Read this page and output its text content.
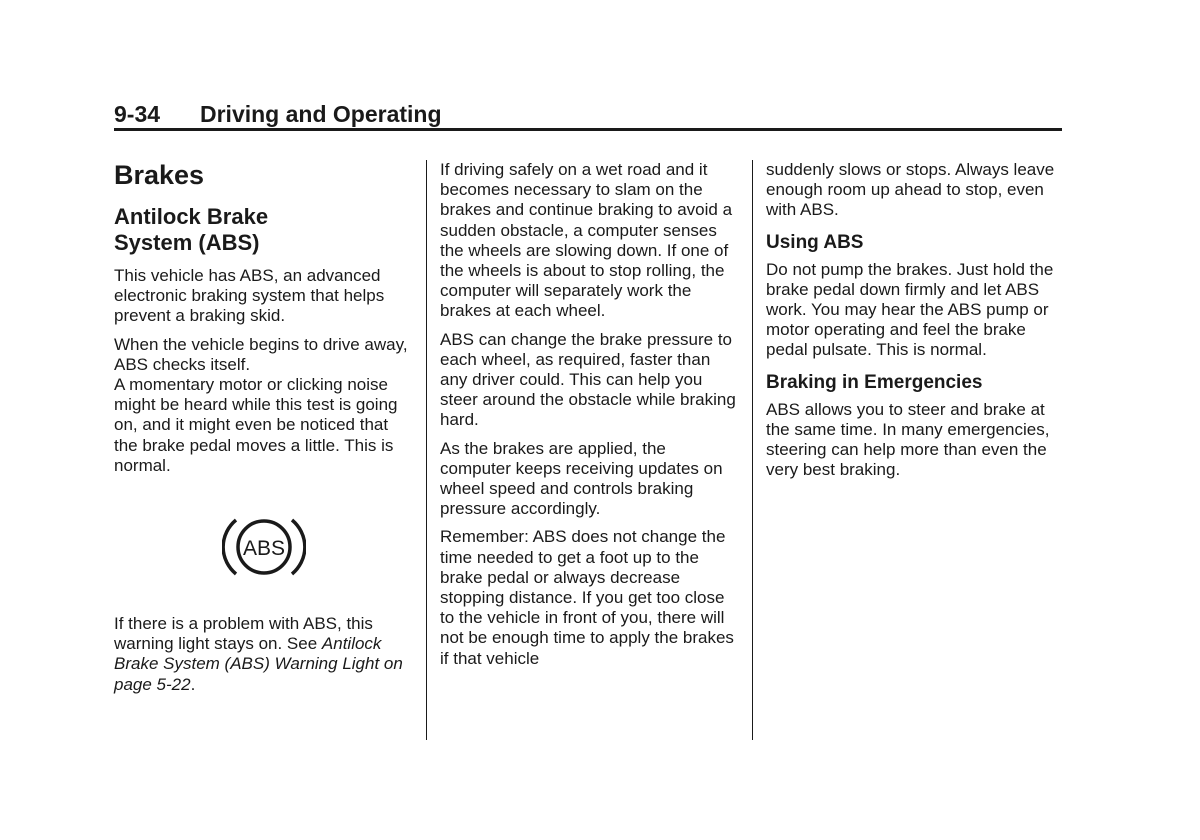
9-34 Driving and Operating
Brakes
Antilock Brake
System (ABS)

This vehicle has ABS, an advanced electronic braking system that helps prevent a braking skid.

When the vehicle begins to drive away, ABS checks itself.

A momentary motor or clicking noise might be heard while this test is going on, and it might even be noticed that the brake pedal moves a little. This is normal.

ABS

If there is a problem with ABS, this warning light stays on. See Antilock Brake System (ABS) Warning Light on page 5-22.

If driving safely on a wet road and it becomes necessary to slam on the brakes and continue braking to avoid a sudden obstacle, a computer senses the wheels are slowing down. If one of the wheels is about to stop rolling, the computer will separately work the brakes at each wheel.

ABS can change the brake pressure to each wheel, as required, faster than any driver could. This can help you steer around the obstacle while braking hard.

As the brakes are applied, the computer keeps receiving updates on wheel speed and controls braking pressure accordingly.

Remember: ABS does not change the time needed to get a foot up to the brake pedal or always decrease stopping distance. If you get too close to the vehicle in front of you, there will not be enough time to apply the brakes if that vehicle

suddenly slows or stops. Always leave enough room up ahead to stop, even with ABS.

Using ABS

Do not pump the brakes. Just hold the brake pedal down firmly and let ABS work. You may hear the ABS pump or motor operating and feel the brake pedal pulsate. This is normal.

Braking in Emergencies

ABS allows you to steer and brake at the same time. In many emergencies, steering can help more than even the very best braking.
